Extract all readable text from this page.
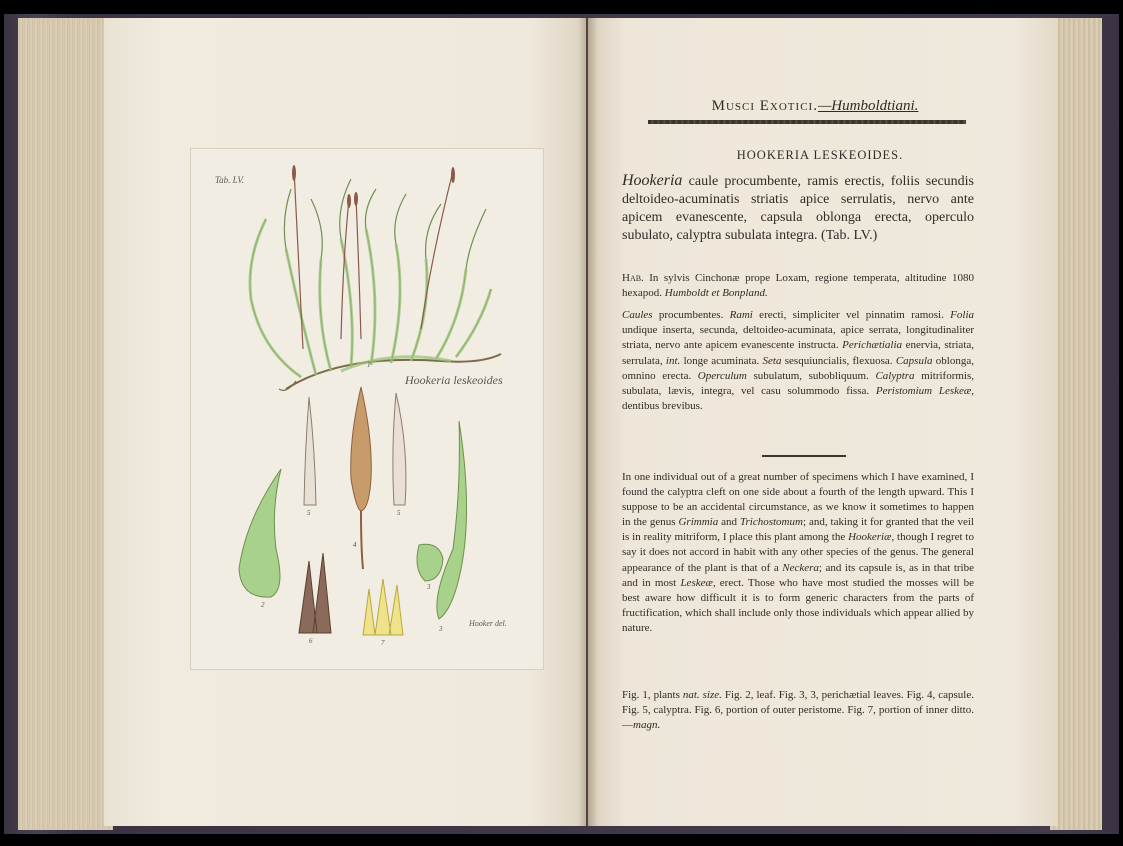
Tab. LV.
Hookeria leskeoides
Hooker del.
1
2
3
3
4
5	5
6	7
Musci Exotici.—Humboldtiani.
HOOKERIA LESKEOIDES.
Hookeria caule procumbente, ramis erectis, foliis secundis deltoideo-acuminatis striatis apice serrulatis, nervo ante apicem evanescente, capsula oblonga erecta, operculo subulato, calyptra subulata integra. (Tab. LV.)
Hab. In sylvis Cinchonæ prope Loxam, regione temperata, altitudine 1080 hexapod. Humboldt et Bonpland.
Caules procumbentes. Rami erecti, simpliciter vel pinnatim ramosi. Folia undique inserta, secunda, deltoideo-acuminata, apice serrata, longitudinaliter striata, nervo ante apicem evanescente instructa. Perichætialia enervia, striata, serrulata, int. longe acuminata. Seta sesquiuncialis, flexuosa. Capsula oblonga, omnino erecta. Operculum subulatum, subobliquum. Calyptra mitriformis, subulata, lævis, integra, vel casu solummodo fissa. Peristomium Leskeæ, dentibus brevibus.
In one individual out of a great number of specimens which I have examined, I found the calyptra cleft on one side about a fourth of the length upward. This I suppose to be an accidental circumstance, as we know it sometimes to happen in the genus Grimmia and Trichostomum; and, taking it for granted that the veil is in reality mitriform, I place this plant among the Hookeriæ, though I regret to say it does not accord in habit with any other species of the genus. The general appearance of the plant is that of a Neckera; and its capsule is, as in that tribe and in most Leskeæ, erect. Those who have most studied the mosses will be best aware how difficult it is to form generic characters from the parts of fructification, which shall include only those individuals which appear allied by nature.
Fig. 1, plants nat. size. Fig. 2, leaf. Fig. 3, 3, perichætial leaves. Fig. 4, capsule. Fig. 5, calyptra. Fig. 6, portion of outer peristome. Fig. 7, portion of inner ditto.—magn.
